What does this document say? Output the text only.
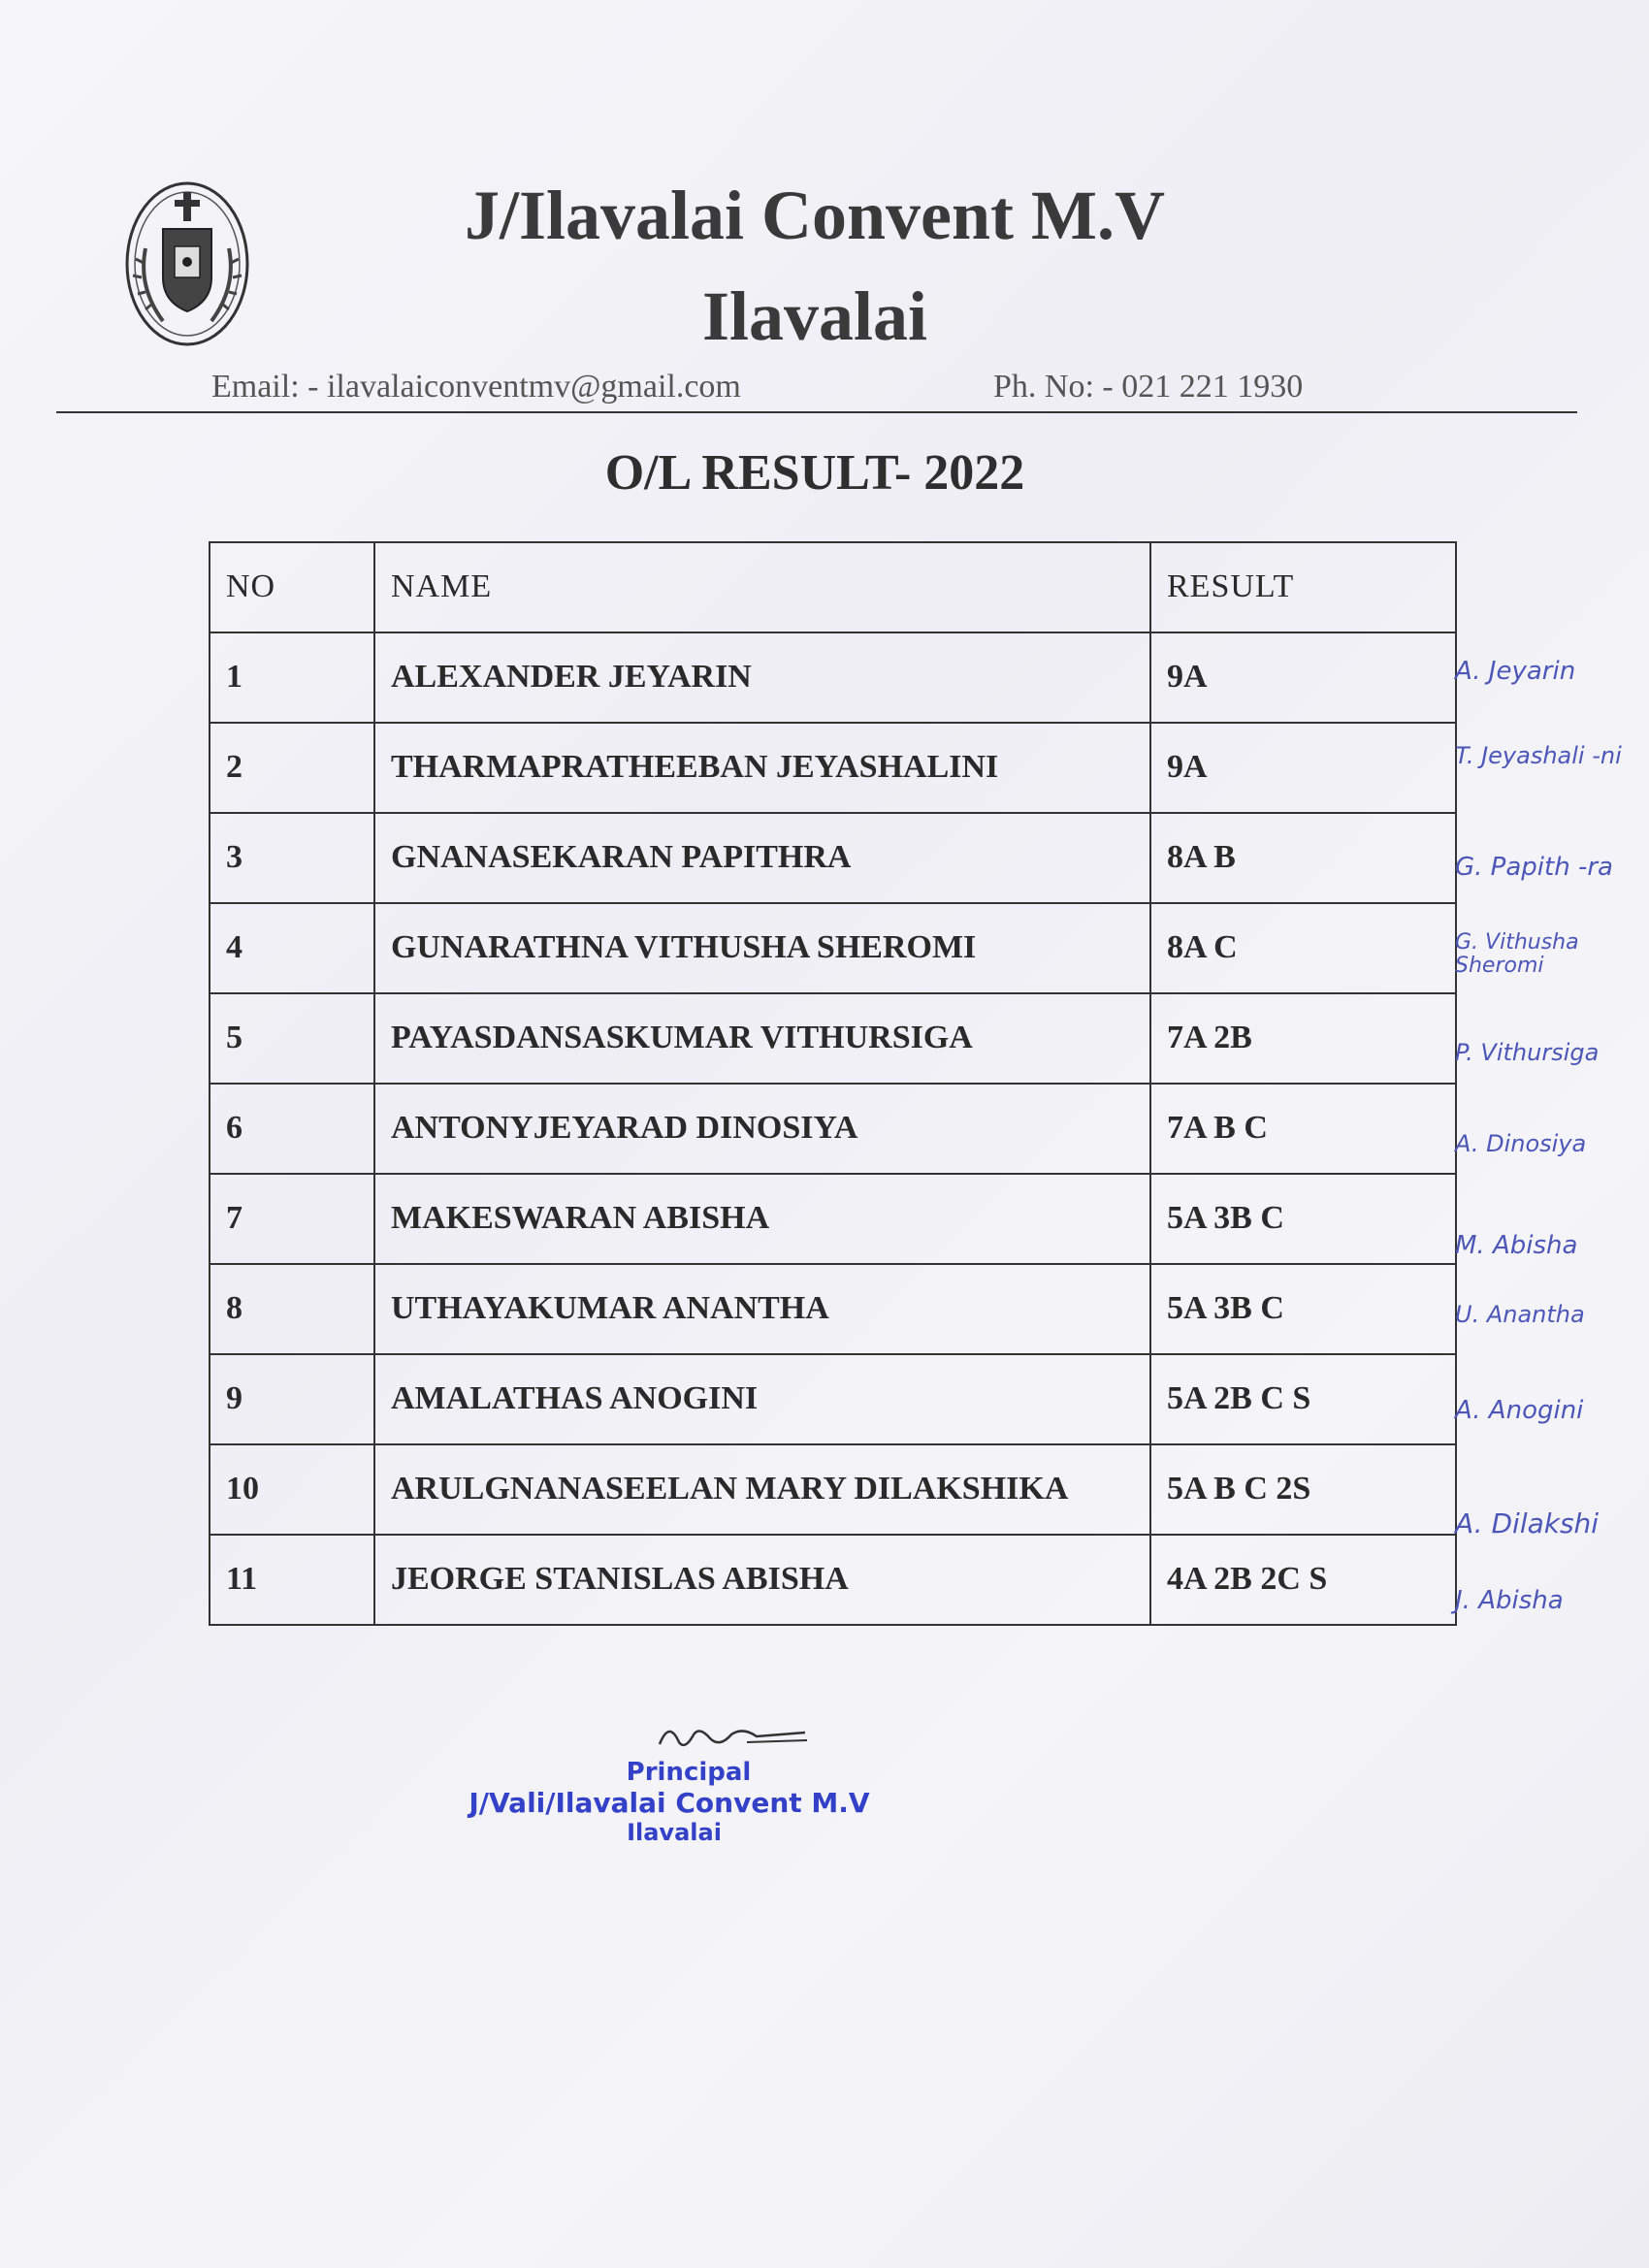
J/Ilavalai Convent M.V
Ilavalai
Email: - ilavalaiconventmv@gmail.com	Ph. No: - 021 221 1930
O/L RESULT- 2022
NO	NAME	RESULT
1	ALEXANDER JEYARIN	9A
2	THARMAPRATHEEBAN JEYASHALINI	9A
3	GNANASEKARAN PAPITHRA	8A B
4	GUNARATHNA VITHUSHA SHEROMI	8A C
5	PAYASDANSASKUMAR VITHURSIGA	7A 2B
6	ANTONYJEYARAD DINOSIYA	7A B C
7	MAKESWARAN ABISHA	5A 3B C
8	UTHAYAKUMAR ANANTHA	5A 3B C
9	AMALATHAS ANOGINI	5A 2B C S
10	ARULGNANASEELAN MARY DILAKSHIKA	5A B C 2S
11	JEORGE STANISLAS ABISHA	4A 2B 2C S
A. Jeyarin
T. Jeyashali -ni
G. Papith -ra
G. Vithusha Sheromi
P. Vithursiga
A. Dinosiya
M. Abisha
U. Anantha
A. Anogini
A. Dilakshi
J. Abisha
Principal
J/Vali/Ilavalai Convent M.V
Ilavalai
